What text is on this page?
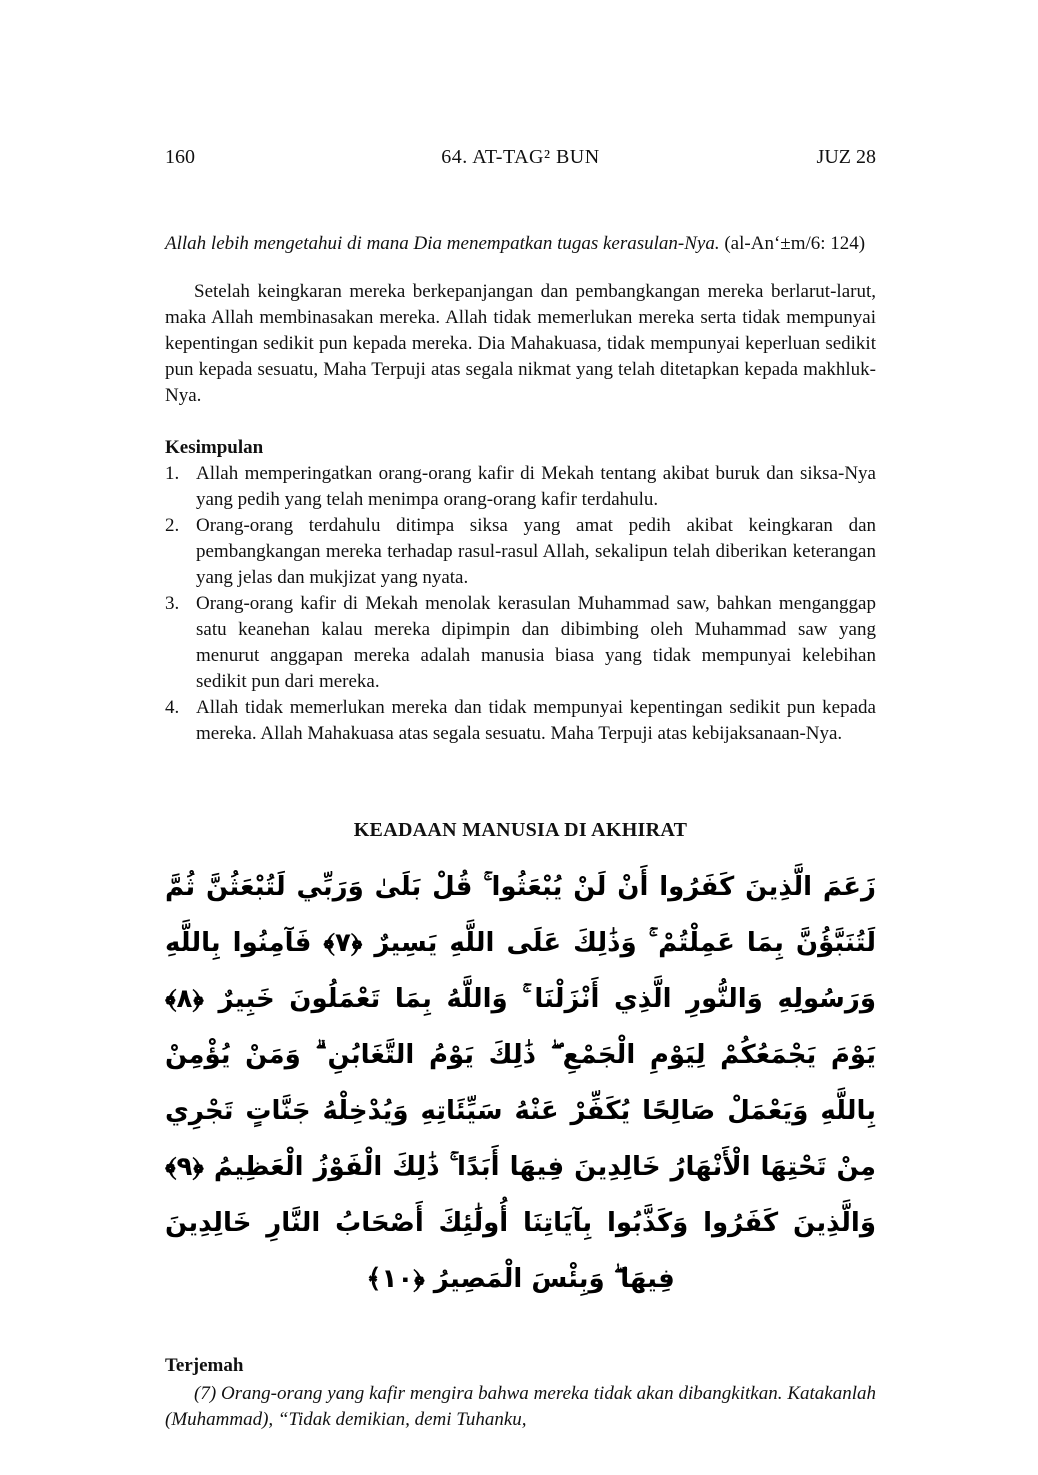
160	64. AT-TAG² BUN	JUZ 28

Allah lebih mengetahui di mana Dia menempatkan tugas kerasulan-Nya. (al-An‘±m/6: 124)

Setelah keingkaran mereka berkepanjangan dan pembangkangan mereka berlarut-larut, maka Allah membinasakan mereka. Allah tidak memerlukan mereka serta tidak mempunyai kepentingan sedikit pun kepada mereka. Dia Mahakuasa, tidak mempunyai keperluan sedikit pun kepada sesuatu, Maha Terpuji atas segala nikmat yang telah ditetapkan kepada makhluk-Nya.

Kesimpulan
1. Allah memperingatkan orang-orang kafir di Mekah tentang akibat buruk dan siksa-Nya yang pedih yang telah menimpa orang-orang kafir terdahulu.
2. Orang-orang terdahulu ditimpa siksa yang amat pedih akibat keingkaran dan pembangkangan mereka terhadap rasul-rasul Allah, sekalipun telah diberikan keterangan yang jelas dan mukjizat yang nyata.
3. Orang-orang kafir di Mekah menolak kerasulan Muhammad saw, bahkan menganggap satu keanehan kalau mereka dipimpin dan dibimbing oleh Muhammad saw yang menurut anggapan mereka adalah manusia biasa yang tidak mempunyai kelebihan sedikit pun dari mereka.
4. Allah tidak memerlukan mereka dan tidak mempunyai kepentingan sedikit pun kepada mereka. Allah Mahakuasa atas segala sesuatu. Maha Terpuji atas kebijaksanaan-Nya.
KEADAAN MANUSIA DI AKHIRAT
زَعَمَ الَّذِينَ كَفَرُوا أَنْ لَنْ يُبْعَثُوا ۚ قُلْ بَلَىٰ وَرَبِّي لَتُبْعَثُنَّ ثُمَّ لَتُنَبَّؤُنَّ بِمَا عَمِلْتُمْ ۚ وَذَٰلِكَ عَلَى اللَّهِ يَسِيرٌ ﴿٧﴾ فَآمِنُوا بِاللَّهِ وَرَسُولِهِ وَالنُّورِ الَّذِي أَنْزَلْنَا ۚ وَاللَّهُ بِمَا تَعْمَلُونَ خَبِيرٌ ﴿٨﴾ يَوْمَ يَجْمَعُكُمْ لِيَوْمِ الْجَمْعِ ۖ ذَٰلِكَ يَوْمُ التَّغَابُنِ ۗ وَمَنْ يُؤْمِنْ بِاللَّهِ وَيَعْمَلْ صَالِحًا يُكَفِّرْ عَنْهُ سَيِّئَاتِهِ وَيُدْخِلْهُ جَنَّاتٍ تَجْرِي مِنْ تَحْتِهَا الْأَنْهَارُ خَالِدِينَ فِيهَا أَبَدًا ۚ ذَٰلِكَ الْفَوْزُ الْعَظِيمُ ﴿٩﴾ وَالَّذِينَ كَفَرُوا وَكَذَّبُوا بِآيَاتِنَا أُولَٰئِكَ أَصْحَابُ النَّارِ خَالِدِينَ فِيهَا ۖ وَبِئْسَ الْمَصِيرُ ﴿١٠﴾
Terjemah

(7) Orang-orang yang kafir mengira bahwa mereka tidak akan dibangkitkan. Katakanlah (Muhammad), “Tidak demikian, demi Tuhanku,
